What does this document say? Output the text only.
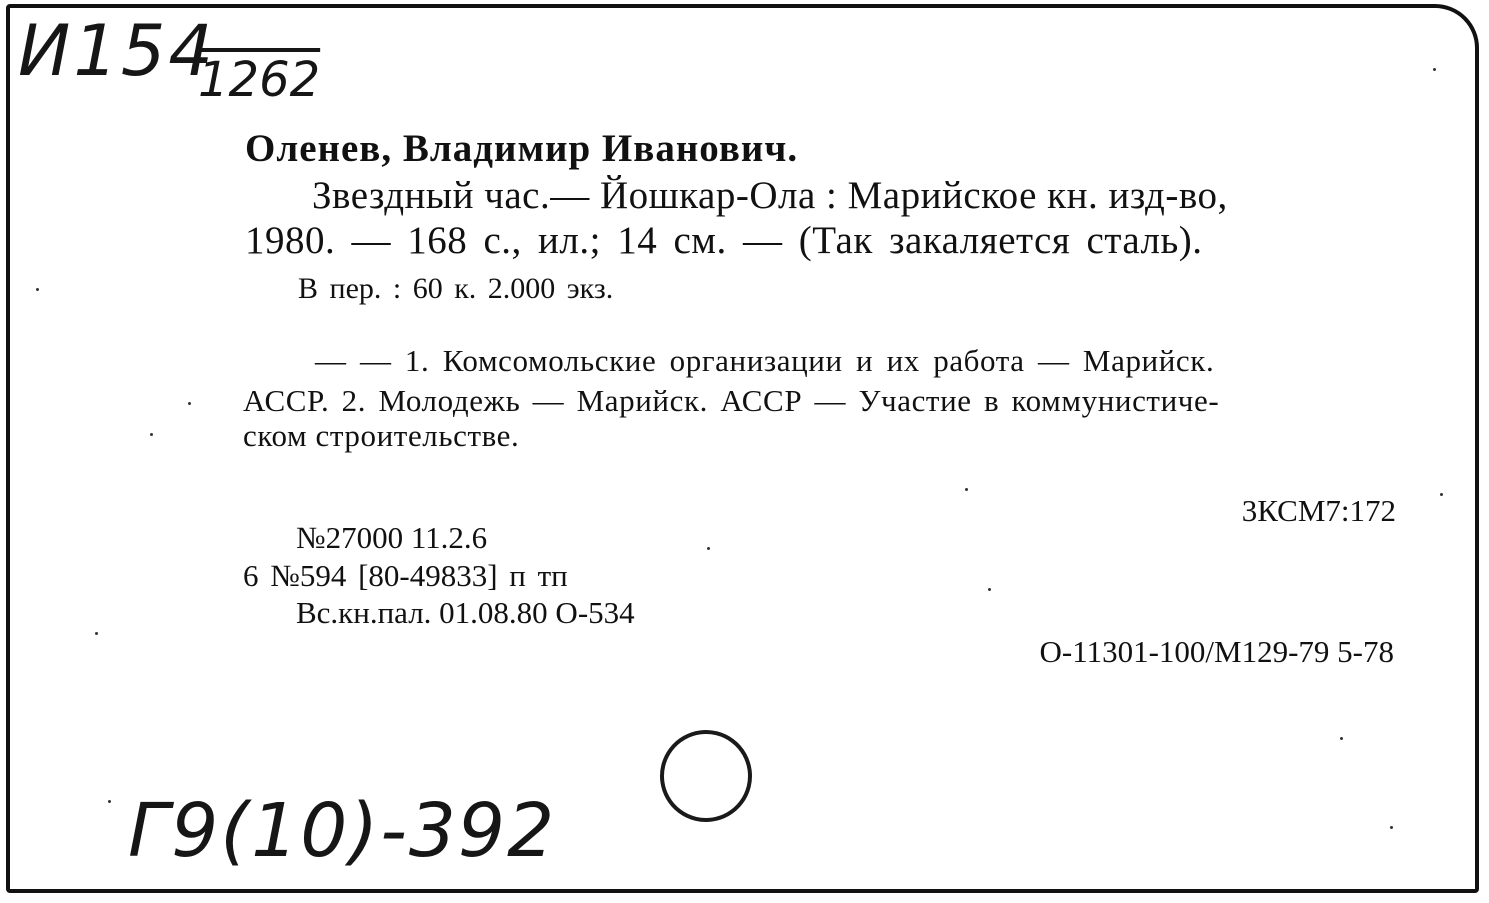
И154
1262
Оленев, Владимир Иванович.
Звездный час.— Йошкар-Ола : Марийское кн. изд-во,
1980. — 168 с., ил.; 14 см. — (Так закаляется сталь).
В пер. : 60 к. 2.000 экз.
— — 1. Комсомольские организации и их работа — Марийск.
АССР. 2. Молодежь — Марийск. АССР — Участие в коммунистиче-
ском строительстве.
3КСМ7:172
№27000 11.2.6
6 №594 [80-49833] п тп
Вс.кн.пал. 01.08.80 О-534
О-11301-100/М129-79 5-78
Г9(10)-392
